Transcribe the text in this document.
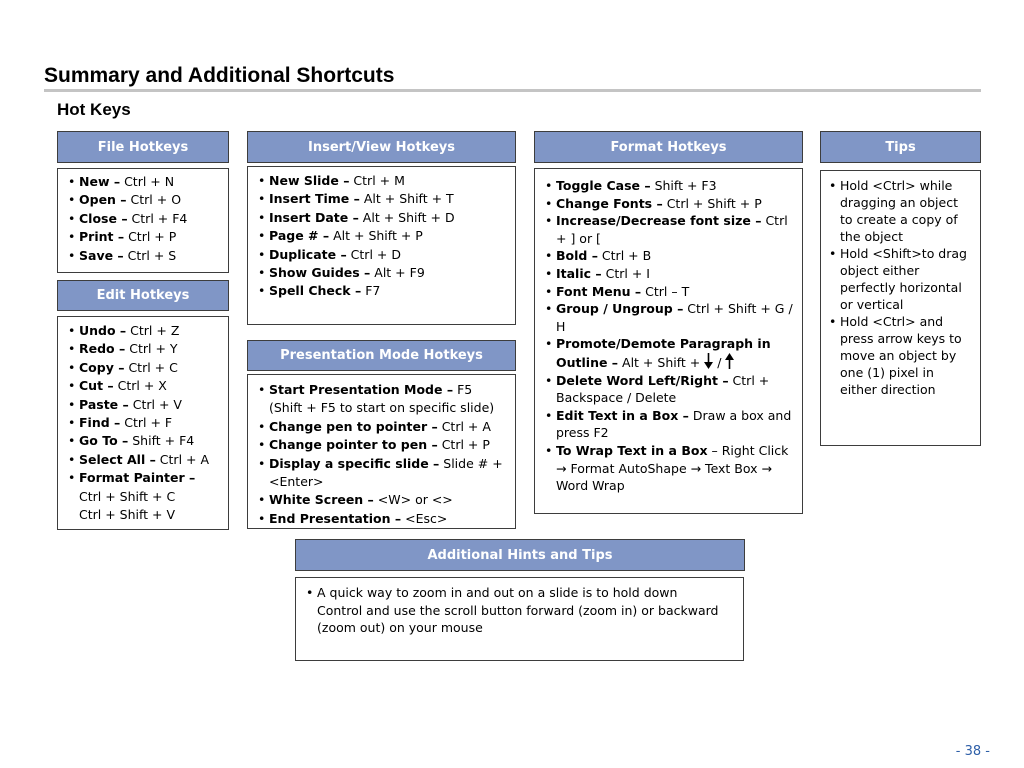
Summary and Additional Shortcuts
Hot Keys
File Hotkeys
• New – Ctrl + N
• Open – Ctrl + O
• Close – Ctrl + F4
• Print – Ctrl + P
• Save – Ctrl + S
Edit Hotkeys
• Undo – Ctrl + Z
• Redo – Ctrl + Y
• Copy – Ctrl + C
• Cut – Ctrl + X
• Paste – Ctrl + V
• Find – Ctrl + F
• Go To – Shift + F4
• Select All – Ctrl + A
• Format Painter –
Ctrl + Shift + C
Ctrl + Shift + V
Insert/View Hotkeys
• New Slide – Ctrl + M
• Insert Time – Alt + Shift + T
• Insert Date – Alt + Shift + D
• Page # – Alt + Shift + P
• Duplicate – Ctrl + D
• Show Guides – Alt + F9
• Spell Check – F7
Presentation Mode Hotkeys
• Start Presentation Mode – F5 (Shift + F5 to start on specific slide)
• Change pen to pointer – Ctrl + A
• Change pointer to pen – Ctrl + P
• Display a specific slide – Slide # + <Enter>
• White Screen – <W> or <>
• End Presentation – <Esc>
Format Hotkeys
• Toggle Case – Shift + F3
• Change Fonts – Ctrl + Shift + P
• Increase/Decrease font size – Ctrl + ] or [
• Bold – Ctrl + B
• Italic – Ctrl + I
• Font Menu – Ctrl – T
• Group / Ungroup – Ctrl + Shift + G / H
• Promote/Demote Paragraph in Outline – Alt + Shift +  /
• Delete Word Left/Right – Ctrl + Backspace / Delete
• Edit Text in a Box – Draw a box and press F2
• To Wrap Text in a Box – Right Click → Format AutoShape → Text Box → Word Wrap
Tips
• Hold <Ctrl> while dragging an object to create a copy of the object
• Hold <Shift>to drag object either perfectly horizontal or vertical
• Hold <Ctrl> and press arrow keys to move an object by one (1) pixel in either direction
Additional Hints and Tips
• A quick way to zoom in and out on a slide is to hold down Control and use the scroll button forward (zoom in) or backward (zoom out) on your mouse
- 38 -
